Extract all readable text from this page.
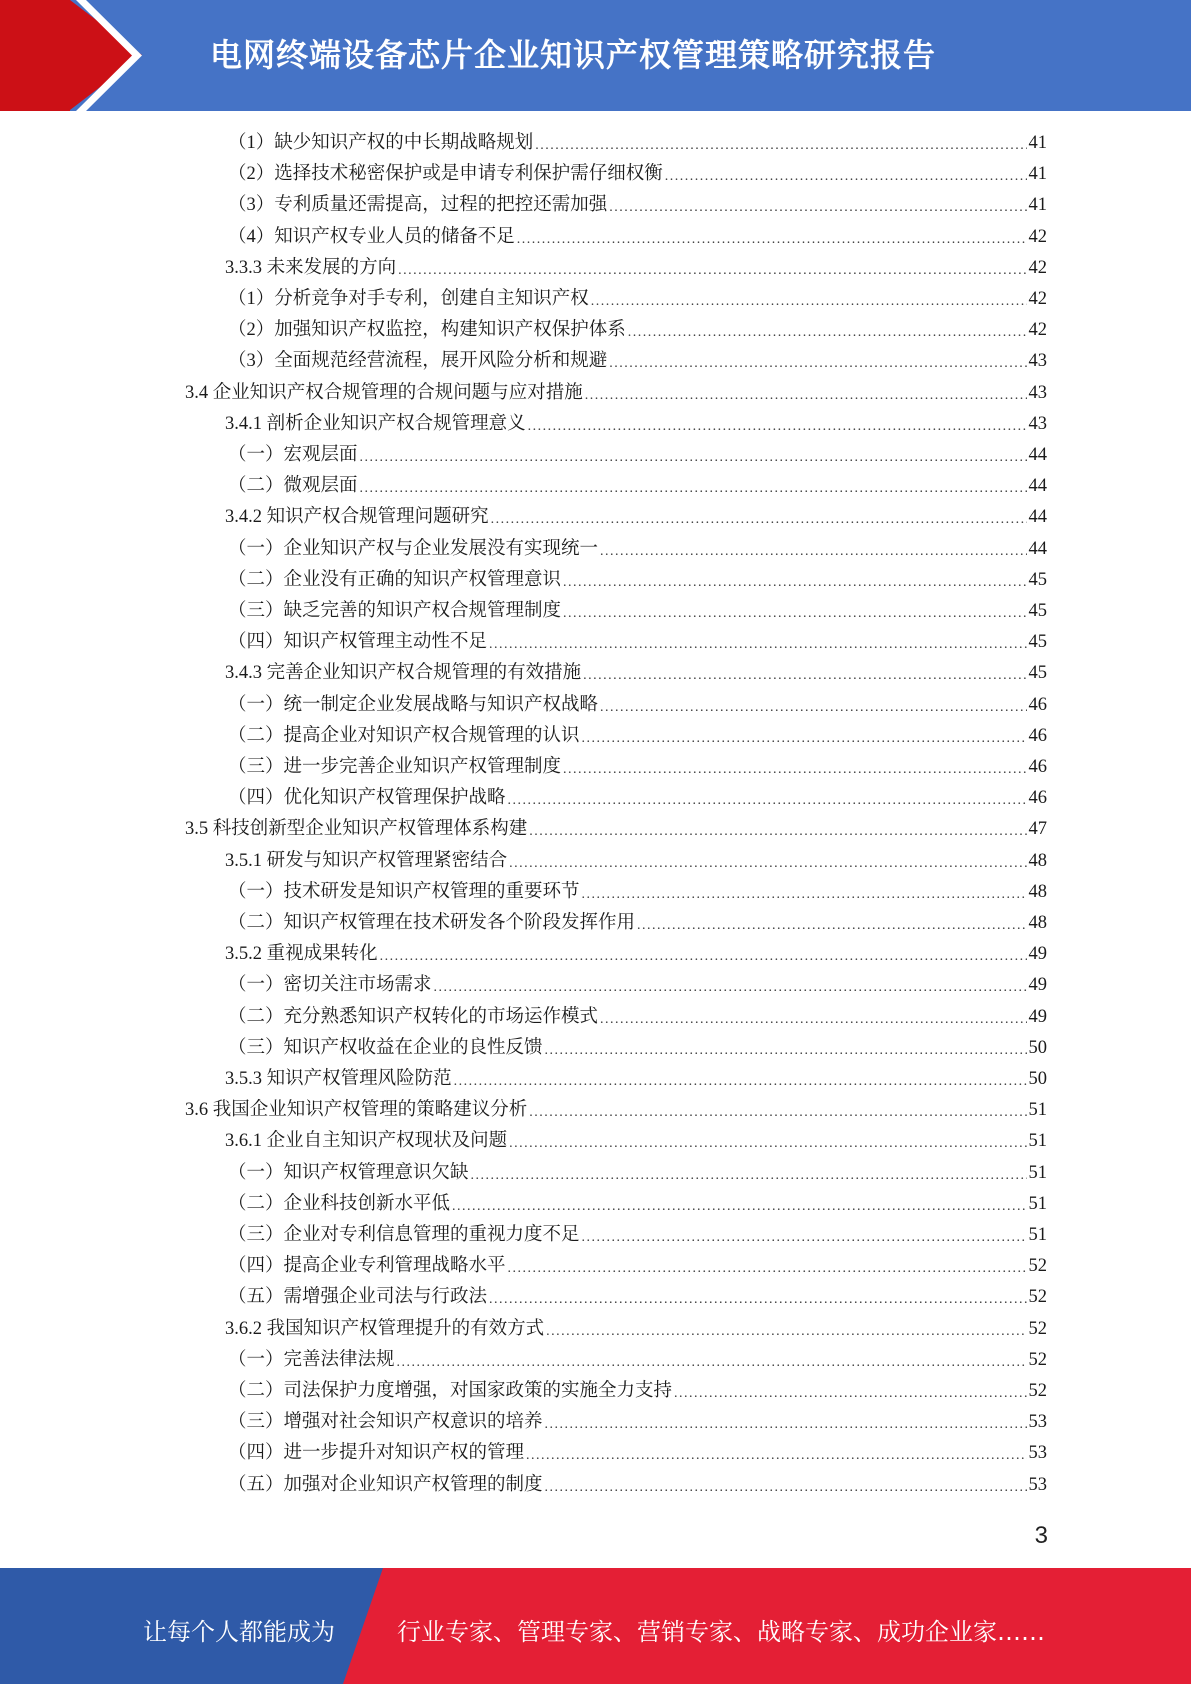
电网终端设备芯片企业知识产权管理策略研究报告
（1）缺少知识产权的中长期战略规划 .....	41
（2）选择技术秘密保护或是申请专利保护需仔细权衡 .....	41
（3）专利质量还需提高，过程的把控还需加强 .....	41
（4）知识产权专业人员的储备不足 .....	42
3.3.3 未来发展的方向 .....	42
（1）分析竞争对手专利，创建自主知识产权 .....	42
（2）加强知识产权监控，构建知识产权保护体系 .....	42
（3）全面规范经营流程，展开风险分析和规避 .....	43
3.4 企业知识产权合规管理的合规问题与应对措施 .....	43
3.4.1 剖析企业知识产权合规管理意义 .....	43
（一）宏观层面 .....	44
（二）微观层面 .....	44
3.4.2 知识产权合规管理问题研究 .....	44
（一）企业知识产权与企业发展没有实现统一 .....	44
（二）企业没有正确的知识产权管理意识 .....	45
（三）缺乏完善的知识产权合规管理制度 .....	45
（四）知识产权管理主动性不足 .....	45
3.4.3 完善企业知识产权合规管理的有效措施 .....	45
（一）统一制定企业发展战略与知识产权战略 .....	46
（二）提高企业对知识产权合规管理的认识 .....	46
（三）进一步完善企业知识产权管理制度 .....	46
（四）优化知识产权管理保护战略 .....	46
3.5 科技创新型企业知识产权管理体系构建 .....	47
3.5.1 研发与知识产权管理紧密结合 .....	48
（一）技术研发是知识产权管理的重要环节 .....	48
（二）知识产权管理在技术研发各个阶段发挥作用 .....	48
3.5.2 重视成果转化 .....	49
（一）密切关注市场需求 .....	49
（二）充分熟悉知识产权转化的市场运作模式 .....	49
（三）知识产权收益在企业的良性反馈 .....	50
3.5.3 知识产权管理风险防范 .....	50
3.6 我国企业知识产权管理的策略建议分析 .....	51
3.6.1 企业自主知识产权现状及问题 .....	51
（一）知识产权管理意识欠缺 .....	51
（二）企业科技创新水平低 .....	51
（三）企业对专利信息管理的重视力度不足 .....	51
（四）提高企业专利管理战略水平 .....	52
（五）需增强企业司法与行政法 .....	52
3.6.2 我国知识产权管理提升的有效方式 .....	52
（一）完善法律法规 .....	52
（二）司法保护力度增强，对国家政策的实施全力支持 .....	52
（三）增强对社会知识产权意识的培养 .....	53
（四）进一步提升对知识产权的管理 .....	53
（五）加强对企业知识产权管理的制度 .....	53
3
让每个人都能成为	行业专家、管理专家、营销专家、战略专家、成功企业家……
